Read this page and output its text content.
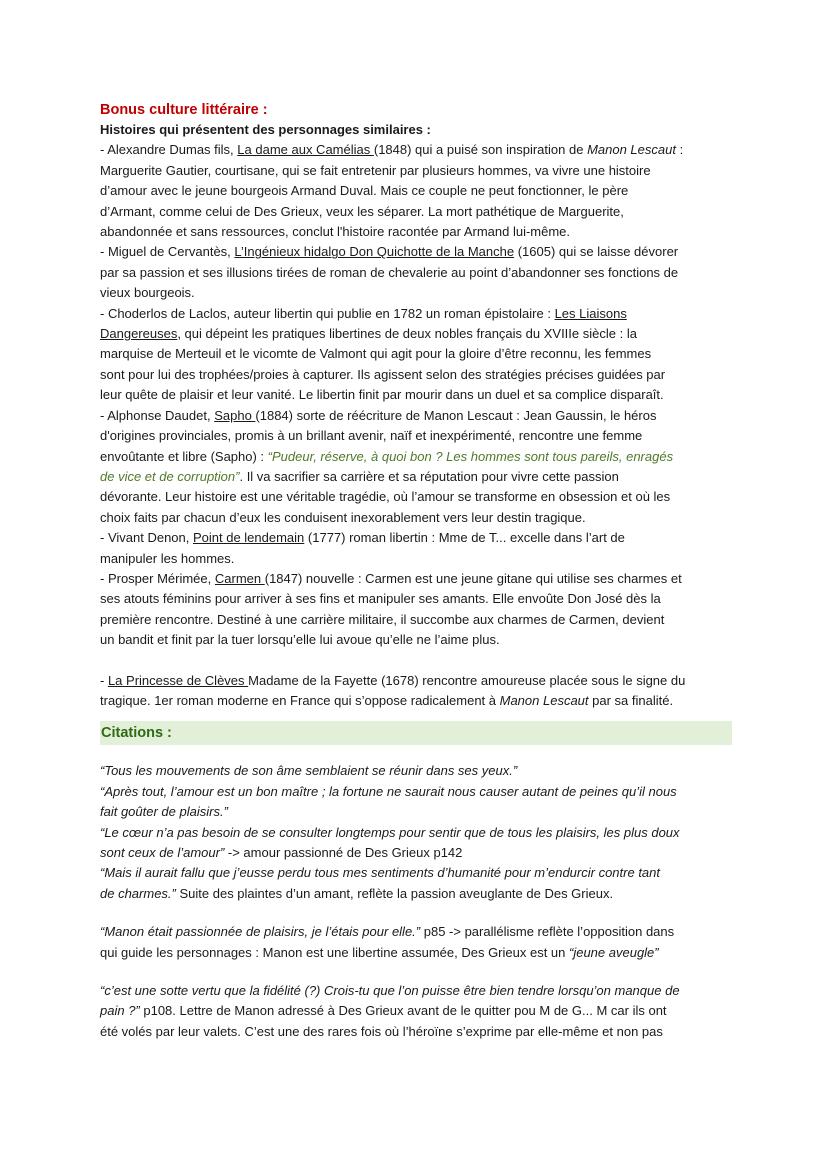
Bonus culture littéraire :

Histoires qui présentent des personnages similaires :

- Alexandre Dumas fils, La dame aux Camélias (1848) qui a puisé son inspiration de Manon Lescaut :

Marguerite Gautier, courtisane, qui se fait entretenir par plusieurs hommes, va vivre une histoire

d’amour avec le jeune bourgeois Armand Duval. Mais ce couple ne peut fonctionner, le père

d’Armant, comme celui de Des Grieux, veux les séparer. La mort pathétique de Marguerite,

abandonnée et sans ressources, conclut l'histoire racontée par Armand lui-même.

- Miguel de Cervantès, L’Ingénieux hidalgo Don Quichotte de la Manche (1605) qui se laisse dévorer

par sa passion et ses illusions tirées de roman de chevalerie au point d’abandonner ses fonctions de

vieux bourgeois.

- Choderlos de Laclos, auteur libertin qui publie en 1782 un roman épistolaire : Les Liaisons

Dangereuses, qui dépeint les pratiques libertines de deux nobles français du XVIIIe siècle : la

marquise de Merteuil et le vicomte de Valmont qui agit pour la gloire d’être reconnu, les femmes

sont pour lui des trophées/proies à capturer. Ils agissent selon des stratégies précises guidées par

leur quête de plaisir et leur vanité. Le libertin finit par mourir dans un duel et sa complice disparaît.

- Alphonse Daudet, Sapho (1884) sorte de réécriture de Manon Lescaut : Jean Gaussin, le héros

d'origines provinciales, promis à un brillant avenir, naïf et inexpérimenté, rencontre une femme

envoûtante et libre (Sapho) : “Pudeur, réserve, à quoi bon ? Les hommes sont tous pareils, enragés

de vice et de corruption”. Il va sacrifier sa carrière et sa réputation pour vivre cette passion

dévorante. Leur histoire est une véritable tragédie, où l’amour se transforme en obsession et où les

choix faits par chacun d’eux les conduisent inexorablement vers leur destin tragique.

- Vivant Denon, Point de lendemain (1777) roman libertin : Mme de T... excelle dans l’art de

manipuler les hommes.

- Prosper Mérimée, Carmen (1847) nouvelle : Carmen est une jeune gitane qui utilise ses charmes et

ses atouts féminins pour arriver à ses fins et manipuler ses amants. Elle envoûte Don José dès la

première rencontre. Destiné à une carrière militaire, il succombe aux charmes de Carmen, devient

un bandit et finit par la tuer lorsqu’elle lui avoue qu’elle ne l’aime plus.

- La Princesse de Clèves Madame de la Fayette (1678) rencontre amoureuse placée sous le signe du

tragique. 1er roman moderne en France qui s’oppose radicalement à Manon Lescaut par sa finalité.

Citations :

“Tous les mouvements de son âme semblaient se réunir dans ses yeux.”

“Après tout, l’amour est un bon maître ; la fortune ne saurait nous causer autant de peines qu’il nous

fait goûter de plaisirs.”

“Le cœur n’a pas besoin de se consulter longtemps pour sentir que de tous les plaisirs, les plus doux

sont ceux de l’amour” -> amour passionné de Des Grieux p142

“Mais il aurait fallu que j’eusse perdu tous mes sentiments d’humanité pour m’endurcir contre tant

de charmes.” Suite des plaintes d’un amant, reflète la passion aveuglante de Des Grieux.

“Manon était passionnée de plaisirs, je l’étais pour elle.” p85 -> parallélisme reflète l’opposition dans

qui guide les personnages : Manon est une libertine assumée, Des Grieux est un “jeune aveugle”

“c’est une sotte vertu que la fidélité (?) Crois-tu que l’on puisse être bien tendre lorsqu’on manque de

pain ?” p108. Lettre de Manon adressé à Des Grieux avant de le quitter pou M de G... M car ils ont

été volés par leur valets. C’est une des rares fois où l’héroïne s’exprime par elle-même et non pas
